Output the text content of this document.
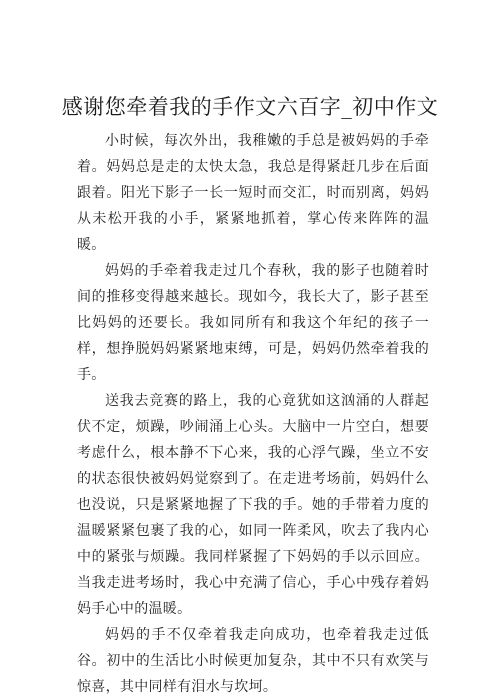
感谢您牵着我的手作文六百字_初中作文

小时候，每次外出，我稚嫩的手总是被妈妈的手牵着。妈妈总是走的太快太急，我总是得紧赶几步在后面跟着。阳光下影子一长一短时而交汇，时而别离，妈妈从未松开我的小手，紧紧地抓着，掌心传来阵阵的温暖。

妈妈的手牵着我走过几个春秋，我的影子也随着时间的推移变得越来越长。现如今，我长大了，影子甚至比妈妈的还要长。我如同所有和我这个年纪的孩子一样，想挣脱妈妈紧紧地束缚，可是，妈妈仍然牵着我的手。

送我去竞赛的路上，我的心竟犹如这汹涌的人群起伏不定，烦躁，吵闹涌上心头。大脑中一片空白，想要考虑什么，根本静不下心来，我的心浮气躁，坐立不安的状态很快被妈妈觉察到了。在走进考场前，妈妈什么也没说，只是紧紧地握了下我的手。她的手带着力度的温暖紧紧包裹了我的心，如同一阵柔风，吹去了我内心中的紧张与烦躁。我同样紧握了下妈妈的手以示回应。当我走进考场时，我心中充满了信心，手心中残存着妈妈手心中的温暖。

妈妈的手不仅牵着我走向成功，也牵着我走过低谷。初中的生活比小时候更加复杂，其中不只有欢笑与惊喜，其中同样有泪水与坎坷。
